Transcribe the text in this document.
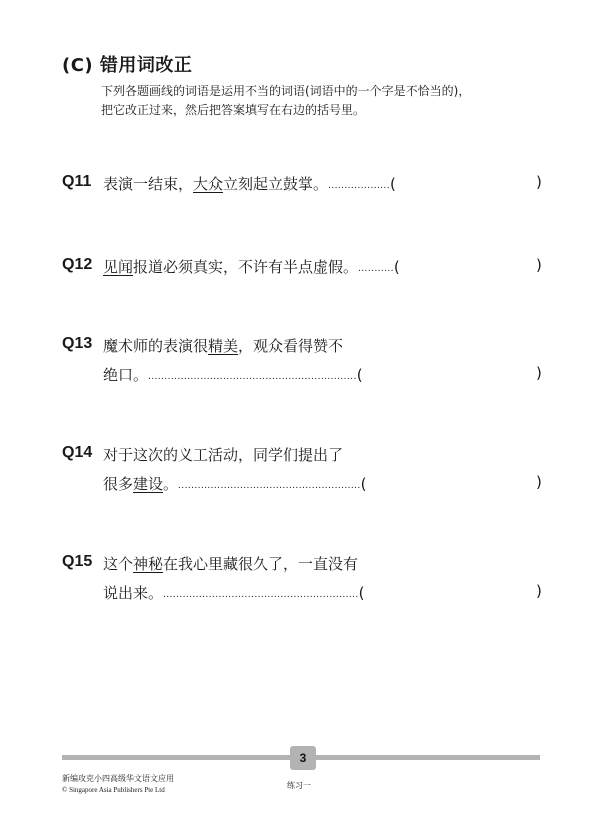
(C) 错用词改正
下列各题画线的词语是运用不当的词语(词语中的一个字是不恰当的)，
把它改正过来，然后把答案填写在右边的括号里。
Q11 表演一结束，大众立刻起立鼓掌。...................(	)
Q12 见闻报道必须真实，不许有半点虚假。...........(	)
Q13 魔术师的表演很精美，观众看得赞不
绝口。................................................................(	)
Q14 对于这次的义工活动，同学们提出了
很多建设。........................................................(	)
Q15 这个神秘在我心里藏很久了，一直没有
说出来。............................................................(	)
3
新编攻克小四高级华文语文应用
© Singapore Asia Publishers Pte Ltd	练习一
